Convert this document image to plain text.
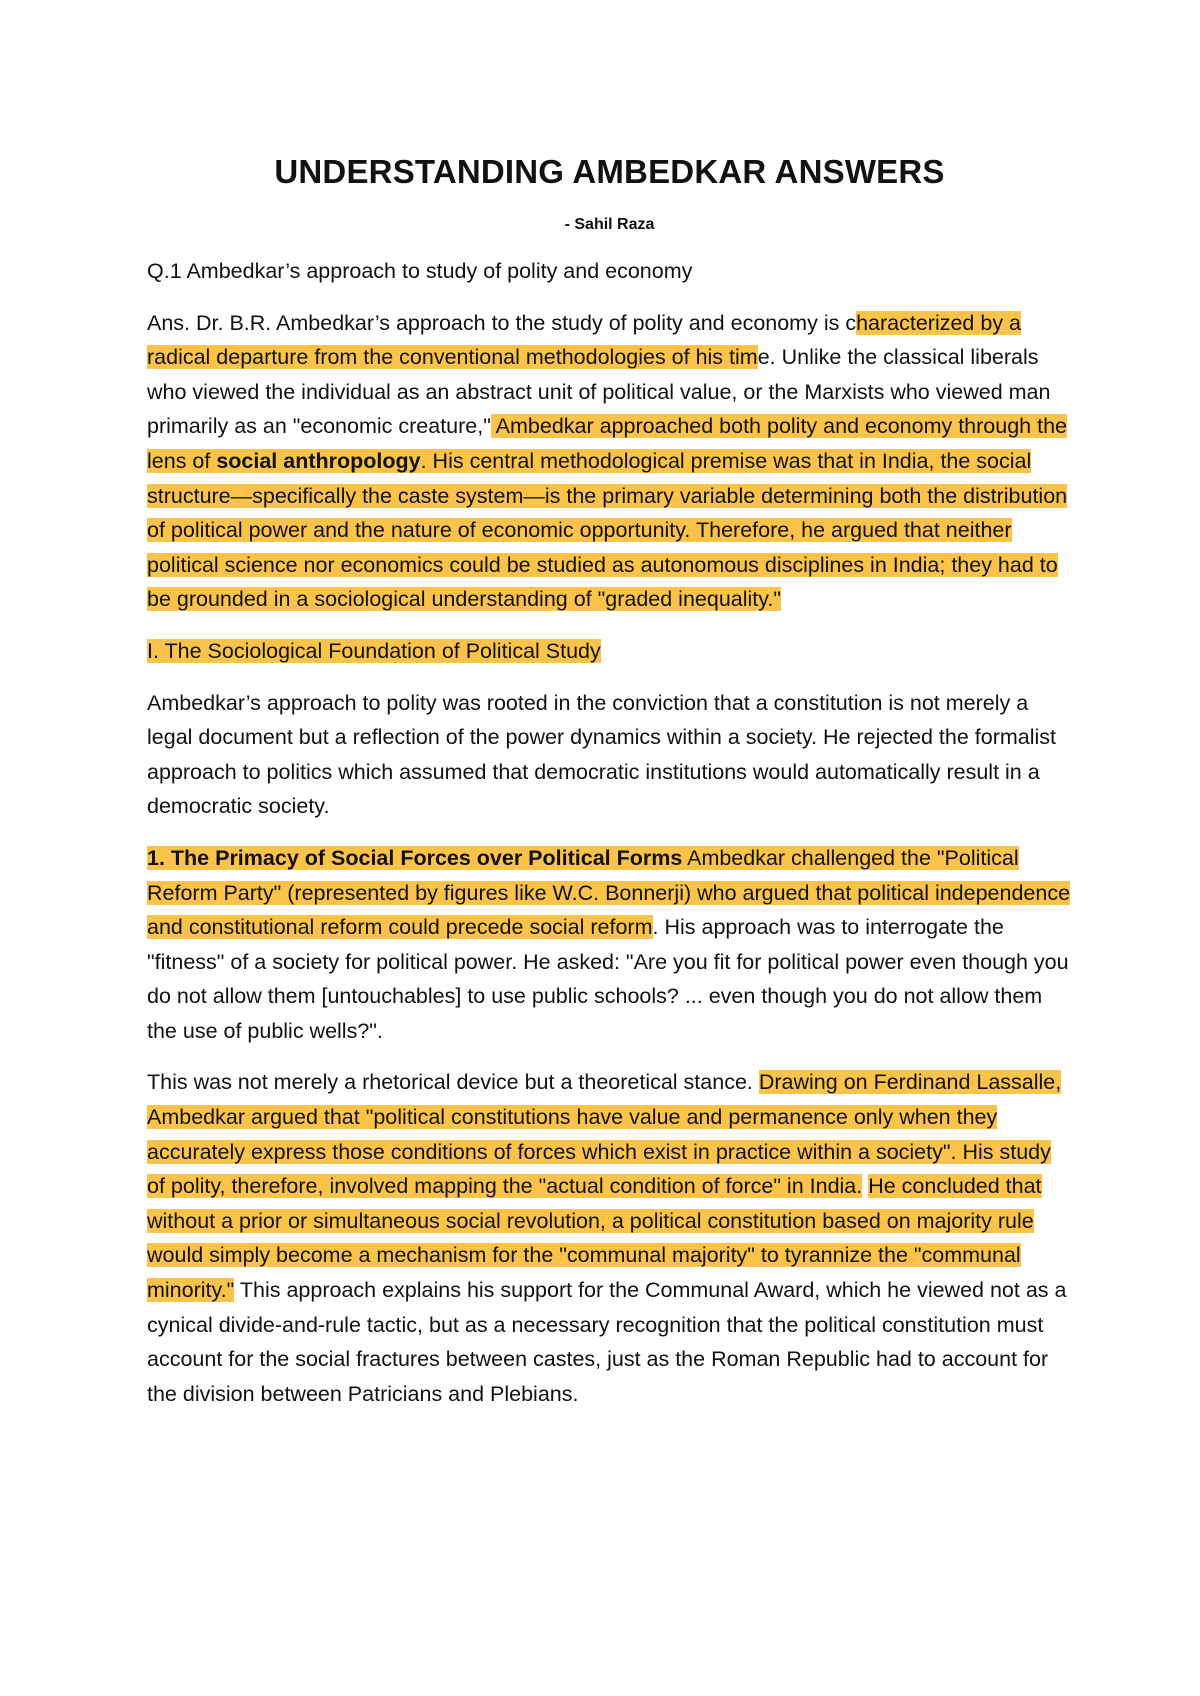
UNDERSTANDING AMBEDKAR ANSWERS
- Sahil Raza

Q.1 Ambedkar’s approach to study of polity and economy

Ans. Dr. B.R. Ambedkar’s approach to the study of polity and economy is characterized by a radical departure from the conventional methodologies of his time. Unlike the classical liberals who viewed the individual as an abstract unit of political value, or the Marxists who viewed man primarily as an "economic creature," Ambedkar approached both polity and economy through the lens of social anthropology. His central methodological premise was that in India, the social structure—specifically the caste system—is the primary variable determining both the distribution of political power and the nature of economic opportunity. Therefore, he argued that neither political science nor economics could be studied as autonomous disciplines in India; they had to be grounded in a sociological understanding of "graded inequality."

I. The Sociological Foundation of Political Study

Ambedkar’s approach to polity was rooted in the conviction that a constitution is not merely a legal document but a reflection of the power dynamics within a society. He rejected the formalist approach to politics which assumed that democratic institutions would automatically result in a democratic society.

1. The Primacy of Social Forces over Political Forms Ambedkar challenged the "Political Reform Party" (represented by figures like W.C. Bonnerji) who argued that political independence and constitutional reform could precede social reform. His approach was to interrogate the "fitness" of a society for political power. He asked: "Are you fit for political power even though you do not allow them [untouchables] to use public schools? ... even though you do not allow them the use of public wells?".

This was not merely a rhetorical device but a theoretical stance. Drawing on Ferdinand Lassalle, Ambedkar argued that "political constitutions have value and permanence only when they accurately express those conditions of forces which exist in practice within a society". His study of polity, therefore, involved mapping the "actual condition of force" in India. He concluded that without a prior or simultaneous social revolution, a political constitution based on majority rule would simply become a mechanism for the "communal majority" to tyrannize the "communal minority." This approach explains his support for the Communal Award, which he viewed not as a cynical divide-and-rule tactic, but as a necessary recognition that the political constitution must account for the social fractures between castes, just as the Roman Republic had to account for the division between Patricians and Plebians.
